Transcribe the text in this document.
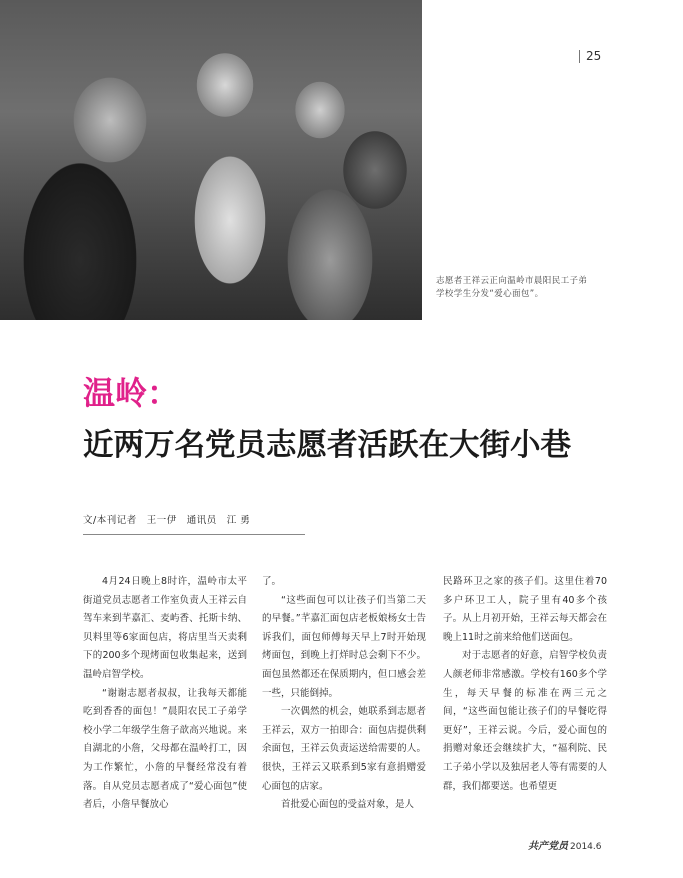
志愿者王祥云正向温岭市晨阳民工子弟学校学生分发“爱心面包”。
25
温岭：
近两万名党员志愿者活跃在大街小巷
文/本刊记者 王一伊 通讯员 江 勇

4月24日晚上8时许，温岭市太平街道党员志愿者工作室负责人王祥云自驾车来到芊嘉汇、麦屿香、托斯卡纳、贝料里等6家面包店，将店里当天卖剩下的200多个现烤面包收集起来，送到温岭启智学校。

“谢谢志愿者叔叔，让我每天都能吃到香香的面包！”晨阳农民工子弟学校小学二年级学生詹子歆高兴地说。来自湖北的小詹，父母都在温岭打工，因为工作繁忙，小詹的早餐经常没有着落。自从党员志愿者成了“爱心面包”使者后，小詹早餐放心

了。

“这些面包可以让孩子们当第二天的早餐。”芊嘉汇面包店老板娘杨女士告诉我们，面包师傅每天早上7时开始现烤面包，到晚上打烊时总会剩下不少。面包虽然都还在保质期内，但口感会差一些，只能倒掉。

一次偶然的机会，她联系到志愿者王祥云，双方一拍即合：面包店提供剩余面包，王祥云负责运送给需要的人。很快，王祥云又联系到5家有意捐赠爱心面包的店家。

首批爱心面包的受益对象，是人

民路环卫之家的孩子们。这里住着70多户环卫工人，院子里有40多个孩子。从上月初开始，王祥云每天都会在晚上11时之前来给他们送面包。

对于志愿者的好意，启智学校负责人颜老师非常感激。学校有160多个学生，每天早餐的标准在两三元之间，“这些面包能让孩子们的早餐吃得更好”，王祥云说。今后，爱心面包的捐赠对象还会继续扩大，“福利院、民工子弟小学以及独居老人等有需要的人群，我们都要送。也希望更

共产党员 2014.6
